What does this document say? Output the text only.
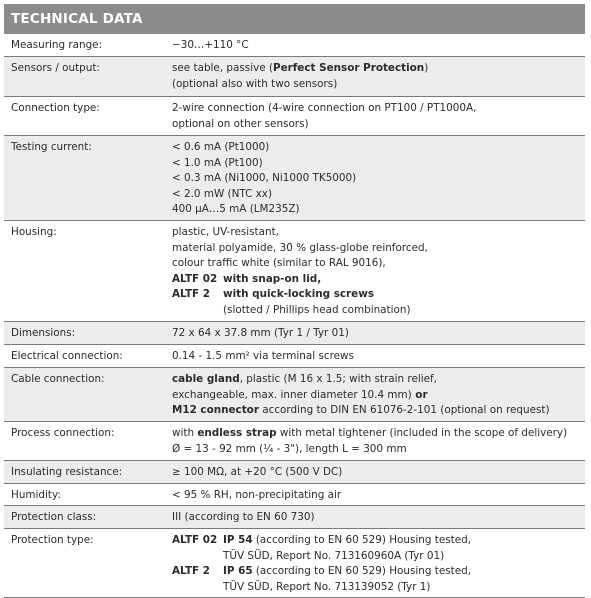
TECHNICAL DATA
Measuring range:	−30…+110 °C
Sensors / output:	see table, passive (Perfect Sensor Protection)
(optional also with two sensors)
Connection type:	2-wire connection (4-wire connection on PT100 / PT1000A,
optional on other sensors)
Testing current:	< 0.6 mA (Pt1000)
< 1.0 mA (Pt100)
< 0.3 mA (Ni1000, Ni1000 TK5000)
< 2.0 mW (NTC xx)
400 µA…5 mA (LM235Z)
Housing:	plastic, UV-resistant,
material polyamide, 30 % glass-globe reinforced,
colour traffic white (similar to RAL 9016),
ALTF 02 with snap-on lid,
ALTF 2 with quick-locking screws
(slotted / Phillips head combination)
Dimensions:	72 x 64 x 37.8 mm (Tyr 1 / Tyr 01)
Electrical connection:	0.14 - 1.5 mm² via terminal screws
Cable connection:	cable gland, plastic (M 16 x 1.5; with strain relief,
exchangeable, max. inner diameter 10.4 mm) or
M12 connector according to DIN EN 61076-2-101 (optional on request)
Process connection:	with endless strap with metal tightener (included in the scope of delivery)
Ø = 13 - 92 mm (¼ - 3"), length L = 300 mm
Insulating resistance:	≥ 100 MΩ, at +20 °C (500 V DC)
Humidity:	< 95 % RH, non-precipitating air
Protection class:	III (according to EN 60 730)
Protection type:	ALTF 02 IP 54 (according to EN 60 529) Housing tested,
TÜV SÜD, Report No. 713160960A (Tyr 01)
ALTF 2 IP 65 (according to EN 60 529) Housing tested,
TÜV SÜD, Report No. 713139052 (Tyr 1)
